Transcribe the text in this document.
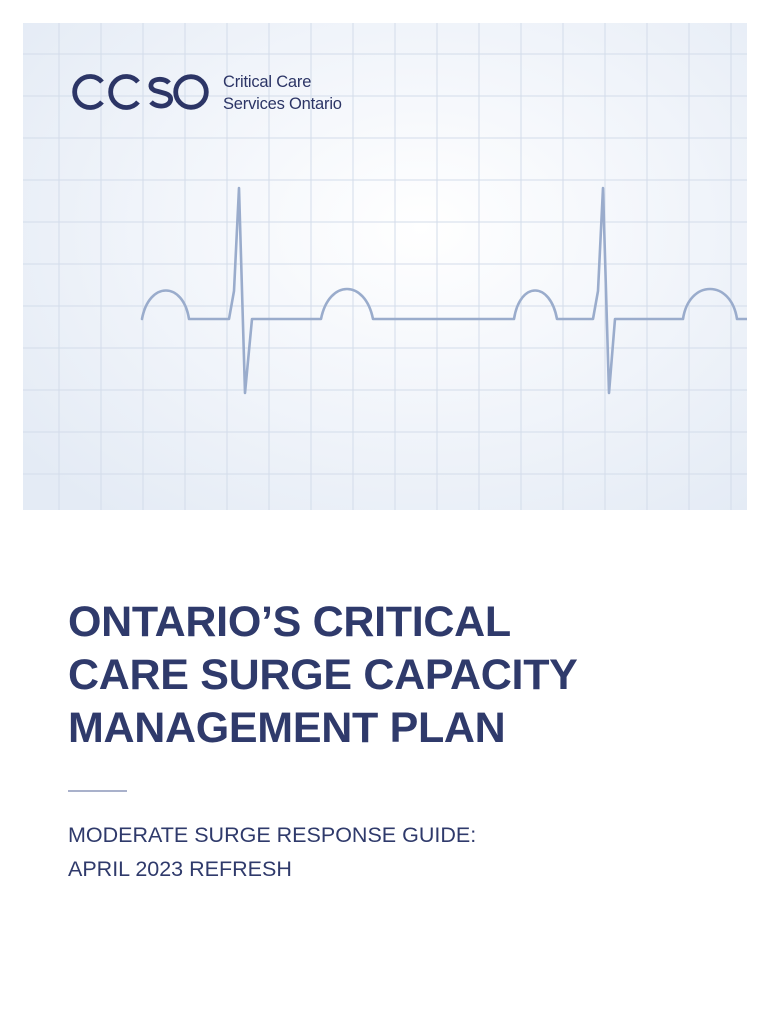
Critical Care
Services Ontario
ONTARIO’S CRITICAL
CARE SURGE CAPACITY
MANAGEMENT PLAN
MODERATE SURGE RESPONSE GUIDE:
APRIL 2023 REFRESH
